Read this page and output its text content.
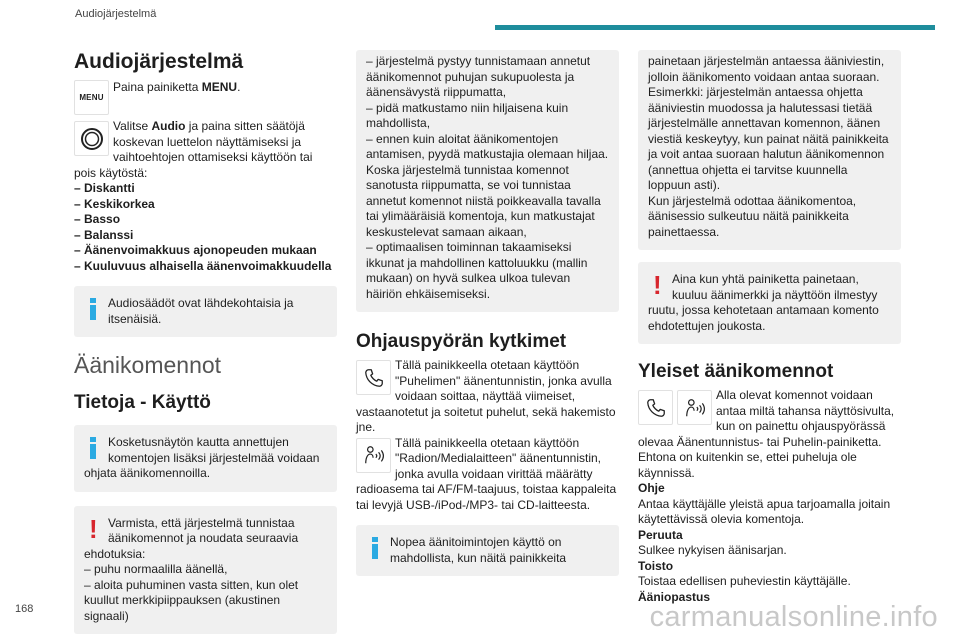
Audiojärjestelmä
Audiojärjestelmä
MENU

Paina painiketta MENU.

Valitse Audio ja paina sitten säätöjä koskevan luettelon näyttämiseksi ja vaihtoehtojen ottamiseksi käyttöön tai pois käytöstä:

– Diskantti
– Keskikorkea
– Basso
– Balanssi
– Äänenvoimakkuus ajonopeuden mukaan
– Kuuluvuus alhaisella äänenvoimakkuudella

Audiosäädöt ovat lähdekohtaisia ja itsenäisiä.

Äänikomennot
Tietoja - Käyttö

Kosketusnäytön kautta annettujen komentojen lisäksi järjestelmää voidaan ohjata äänikomennoilla.

! Varmista, että järjestelmä tunnistaa äänikomennot ja noudata seuraavia ehdotuksia:

– puhu normaalilla äänellä,

– aloita puhuminen vasta sitten, kun olet kuullut merkkipiippauksen (akustinen signaali)

– järjestelmä pystyy tunnistamaan annetut äänikomennot puhujan sukupuolesta ja äänensävystä riippumatta,

– pidä matkustamo niin hiljaisena kuin mahdollista,

– ennen kuin aloitat äänikomentojen antamisen, pyydä matkustajia olemaan hiljaa. Koska järjestelmä tunnistaa komennot sanotusta riippumatta, se voi tunnistaa annetut komennot niistä poikkeavalla tavalla tai ylimääräisiä komentoja, kun matkustajat keskustelevat samaan aikaan,

– optimaalisen toiminnan takaamiseksi ikkunat ja mahdollinen kattoluukku (mallin mukaan) on hyvä sulkea ulkoa tulevan häiriön ehkäisemiseksi.

Ohjauspyörän kytkimet

Tällä painikkeella otetaan käyttöön "Puhelimen" äänentunnistin, jonka avulla voidaan soittaa, näyttää viimeiset, vastaanotetut ja soitetut puhelut, sekä hakemisto jne.

Tällä painikkeella otetaan käyttöön "Radion/Medialaitteen" äänentunnistin, jonka avulla voidaan virittää määrätty radioasema tai AF/FM-taajuus, toistaa kappaleita tai levyjä USB-/iPod-/MP3- tai CD-laitteesta.

Nopea äänitoimintojen käyttö on mahdollista, kun näitä painikkeita

painetaan järjestelmän antaessa ääniviestin, jolloin äänikomento voidaan antaa suoraan. Esimerkki: järjestelmän antaessa ohjetta ääniviestin muodossa ja halutessasi tietää järjestelmälle annettavan komennon, äänen viestiä keskeytyy, kun painat näitä painikkeita ja voit antaa suoraan halutun äänikomennon (annettua ohjetta ei tarvitse kuunnella loppuun asti).
Kun järjestelmä odottaa äänikomentoa, äänisessio sulkeutuu näitä painikkeita painettaessa.

! Aina kun yhtä painiketta painetaan, kuuluu äänimerkki ja näyttöön ilmestyy ruutu, jossa kehotetaan antamaan komento ehdotettujen joukosta.

Yleiset äänikomennot

Alla olevat komennot voidaan antaa miltä tahansa näyttösivulta, kun on painettu ohjauspyörässä olevaa Äänentunnistus- tai Puhelin-painiketta. Ehtona on kuitenkin se, ettei puheluja ole käynnissä.

Ohje

Antaa käyttäjälle yleistä apua tarjoamalla joitain käytettävissä olevia komentoja.

Peruuta

Sulkee nykyisen äänisarjan.

Toisto

Toistaa edellisen puheviestin käyttäjälle.

Ääniopastus

168	carmanualsonline.info
